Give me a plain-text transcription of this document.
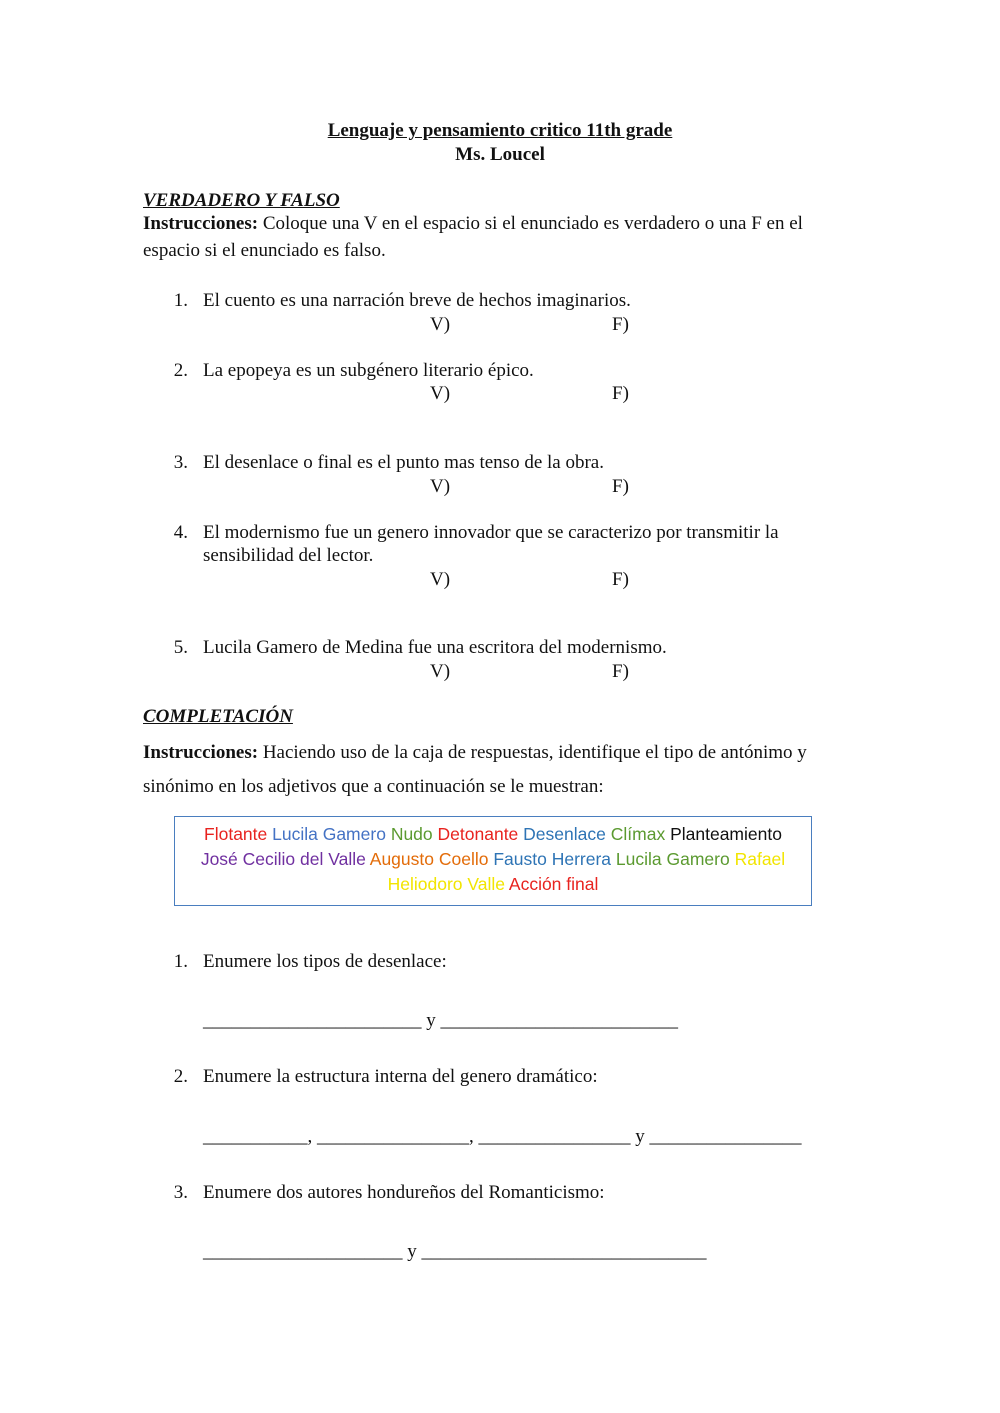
Lenguaje y pensamiento critico 11th grade
Ms. Loucel
VERDADERO Y FALSO
Instrucciones: Coloque una V en el espacio si el enunciado es verdadero o una F en el
espacio si el enunciado es falso.
1. El cuento es una narración breve de hechos imaginarios.
V)	F)
2. La epopeya es un subgénero literario épico.
V)	F)
3. El desenlace o final es el punto mas tenso de la obra.
V)	F)
4. El modernismo fue un genero innovador que se caracterizo por transmitir la
sensibilidad del lector.
V)	F)
5. Lucila Gamero de Medina fue una escritora del modernismo.
V)	F)
COMPLETACIÓN
Instrucciones: Haciendo uso de la caja de respuestas, identifique el tipo de antónimo y
sinónimo en los adjetivos que a continuación se le muestran:
Flotante Lucila Gamero Nudo Detonante Desenlace Clímax Planteamiento
José Cecilio del Valle Augusto Coello Fausto Herrera Lucila Gamero Rafael
Heliodoro Valle Acción final
1. Enumere los tipos de desenlace:
_______________________ y _________________________
2. Enumere la estructura interna del genero dramático:
___________, ________________, ________________ y ________________
3. Enumere dos autores hondureños del Romanticismo:
_____________________ y ______________________________
